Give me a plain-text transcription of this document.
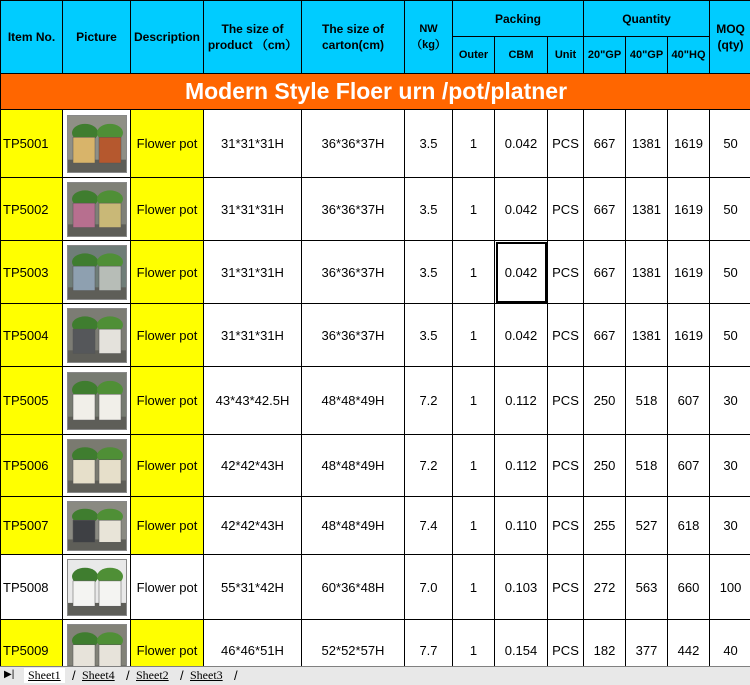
Item No.	Picture	Description	The size of product （cm）	The size of carton(cm)	NW （kg）	Packing			Quantity			MOQ (qty)
						Outer	CBM	Unit	20"GP	40"GP	40"HQ	
Modern Style Floer urn /pot/platner												
TP5001		Flower pot	31*31*31H	36*36*37H	3.5	1	0.042	PCS	667	1381	1619	50
TP5002		Flower pot	31*31*31H	36*36*37H	3.5	1	0.042	PCS	667	1381	1619	50
TP5003		Flower pot	31*31*31H	36*36*37H	3.5	1	0.042	PCS	667	1381	1619	50
TP5004		Flower pot	31*31*31H	36*36*37H	3.5	1	0.042	PCS	667	1381	1619	50
TP5005		Flower pot	43*43*42.5H	48*48*49H	7.2	1	0.112	PCS	250	518	607	30
TP5006		Flower pot	42*42*43H	48*48*49H	7.2	1	0.112	PCS	250	518	607	30
TP5007		Flower pot	42*42*43H	48*48*49H	7.4	1	0.110	PCS	255	527	618	30
TP5008		Flower pot	55*31*42H	60*36*48H	7.0	1	0.103	PCS	272	563	660	100
TP5009		Flower pot	46*46*51H	52*52*57H	7.7	1	0.154	PCS	182	377	442	40
▶|	Sheet1 / Sheet4 / Sheet2 / Sheet3 /
